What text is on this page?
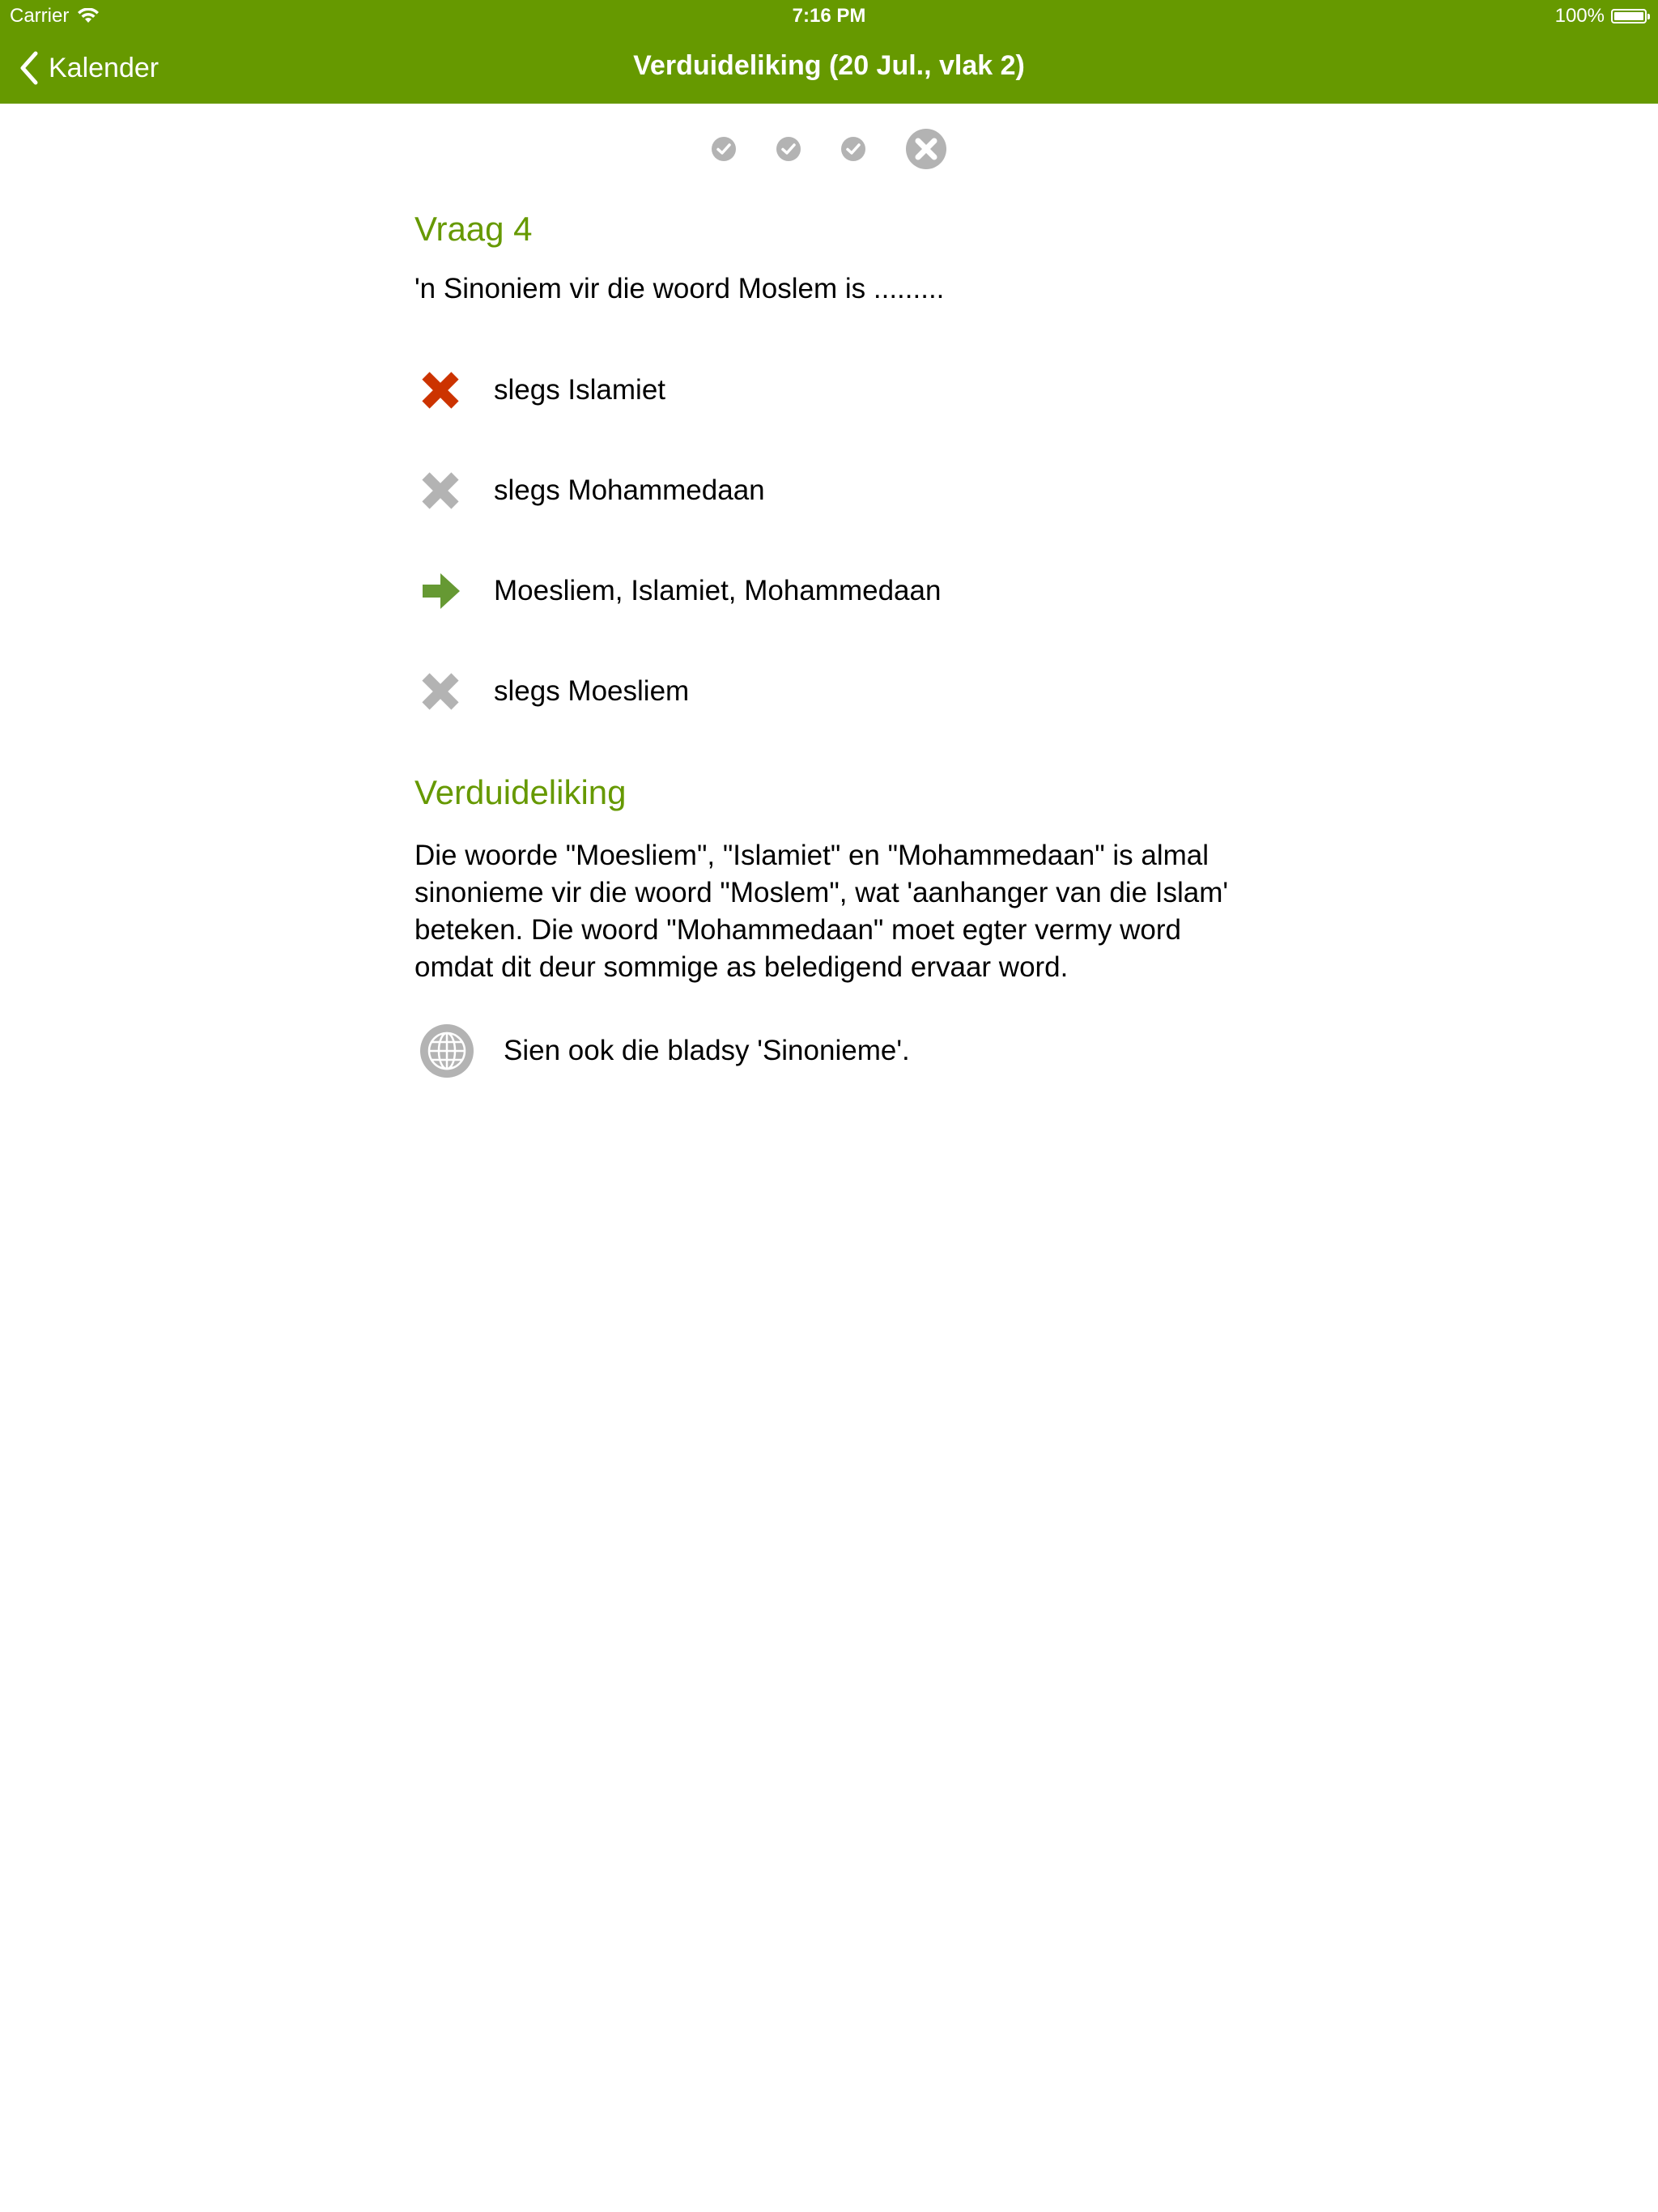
Carrier	7:16 PM	100%
Kalender	Verduideliking (20 Jul., vlak 2)
Vraag 4
'n Sinoniem vir die woord Moslem is .........
slegs Islamiet
slegs Mohammedaan
Moesliem, Islamiet, Mohammedaan
slegs Moesliem
Verduideliking
Die woorde "Moesliem", "Islamiet" en "Mohammedaan" is almal sinonieme vir die woord "Moslem", wat 'aanhanger van die Islam' beteken. Die woord "Mohammedaan" moet egter vermy word omdat dit deur sommige as beledigend ervaar word.
Sien ook die bladsy 'Sinonieme'.
